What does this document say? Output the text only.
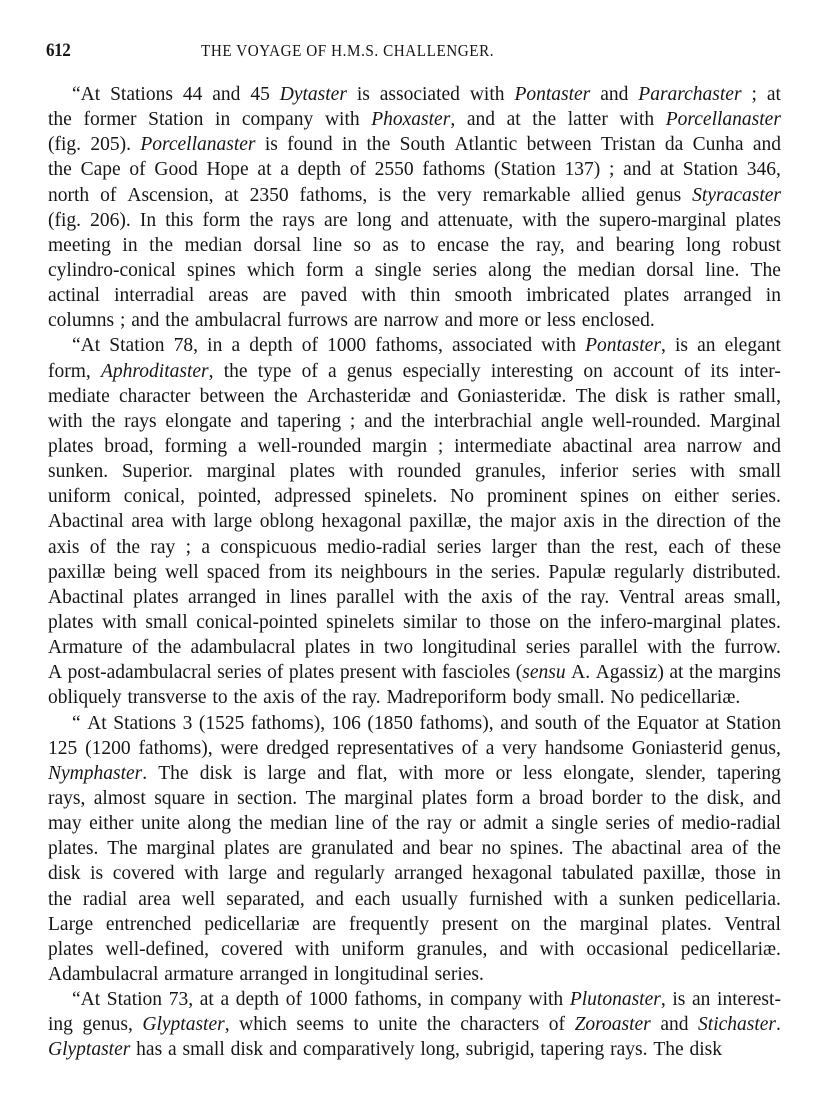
612	THE VOYAGE OF H.M.S. CHALLENGER.
“At Stations 44 and 45 Dytaster is associated with Pontaster and Pararchaster ; at
the former Station in company with Phoxaster, and at the latter with Porcellanaster
(fig. 205). Porcellanaster is found in the South Atlantic between Tristan da Cunha and
the Cape of Good Hope at a depth of 2550 fathoms (Station 137) ; and at Station 346,
north of Ascension, at 2350 fathoms, is the very remarkable allied genus Styracaster
(fig. 206). In this form the rays are long and attenuate, with the supero-marginal plates
meeting in the median dorsal line so as to encase the ray, and bearing long robust
cylindro-conical spines which form a single series along the median dorsal line. The
actinal interradial areas are paved with thin smooth imbricated plates arranged in
columns ; and the ambulacral furrows are narrow and more or less enclosed.
“At Station 78, in a depth of 1000 fathoms, associated with Pontaster, is an elegant
form, Aphroditaster, the type of a genus especially interesting on account of its inter-
mediate character between the Archasteridæ and Goniasteridæ. The disk is rather small,
with the rays elongate and tapering ; and the interbrachial angle well-rounded. Marginal
plates broad, forming a well-rounded margin ; intermediate abactinal area narrow and
sunken. Superior. marginal plates with rounded granules, inferior series with small
uniform conical, pointed, adpressed spinelets. No prominent spines on either series.
Abactinal area with large oblong hexagonal paxillæ, the major axis in the direction of the
axis of the ray ; a conspicuous medio-radial series larger than the rest, each of these
paxillæ being well spaced from its neighbours in the series. Papulæ regularly distributed.
Abactinal plates arranged in lines parallel with the axis of the ray. Ventral areas small,
plates with small conical-pointed spinelets similar to those on the infero-marginal plates.
Armature of the adambulacral plates in two longitudinal series parallel with the furrow.
A post-adambulacral series of plates present with fascioles (sensu A. Agassiz) at the margins
obliquely transverse to the axis of the ray. Madreporiform body small. No pedicellariæ.
“ At Stations 3 (1525 fathoms), 106 (1850 fathoms), and south of the Equator at Station
125 (1200 fathoms), were dredged representatives of a very handsome Goniasterid genus,
Nymphaster. The disk is large and flat, with more or less elongate, slender, tapering
rays, almost square in section. The marginal plates form a broad border to the disk, and
may either unite along the median line of the ray or admit a single series of medio-radial
plates. The marginal plates are granulated and bear no spines. The abactinal area of the
disk is covered with large and regularly arranged hexagonal tabulated paxillæ, those in
the radial area well separated, and each usually furnished with a sunken pedicellaria.
Large entrenched pedicellariæ are frequently present on the marginal plates. Ventral
plates well-defined, covered with uniform granules, and with occasional pedicellariæ.
Adambulacral armature arranged in longitudinal series.
“At Station 73, at a depth of 1000 fathoms, in company with Plutonaster, is an interest-
ing genus, Glyptaster, which seems to unite the characters of Zoroaster and Stichaster.
Glyptaster has a small disk and comparatively long, subrigid, tapering rays. The disk
